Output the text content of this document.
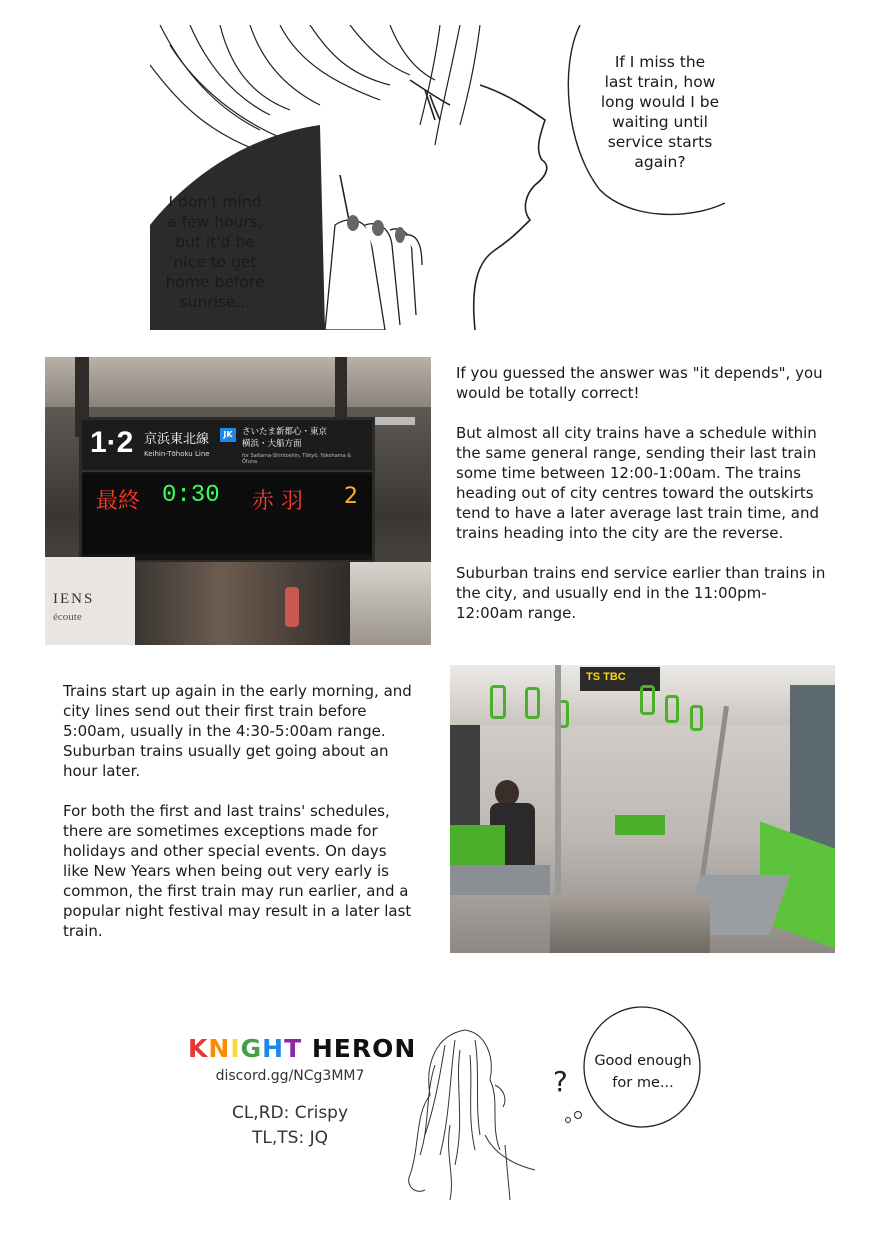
If I miss the
last train, how
long would I be
waiting until
service starts
again?
I don't mind
a few hours,
but it'd be
nice to get
home before
sunrise...
1·2 京浜東北線
Keihin-Tōhoku Line
JK	さいたま新都心・東京
横浜・大船方面
for Saitama-Shintoshin, Tōkyō, Yokohama & Ōfuna
最終 0:30 赤 羽 2
IENS
écoute

If you guessed the answer was "it depends", you would be totally correct!

But almost all city trains have a schedule within the same general range, sending their last train some time between 12:00-1:00am. The trains heading out of city centres toward the outskirts tend to have a later average last train time, and trains heading into the city are the reverse.

Suburban trains end service earlier than trains in the city, and usually end in the 11:00pm-12:00am range.

Trains start up again in the early morning, and city lines send out their first train before 5:00am, usually in the 4:30-5:00am range. Suburban trains usually get going about an hour later.

For both the first and last trains' schedules, there are sometimes exceptions made for holidays and other special events. On days like New Years when being out very early is common, the first train may run earlier, and a popular night festival may result in a later last train.

TS TBC
KNIGHT HERON
discord.gg/NCg3MM7
CL,RD: Crispy
TL,TS: JQ
?
Good enough
for me...
